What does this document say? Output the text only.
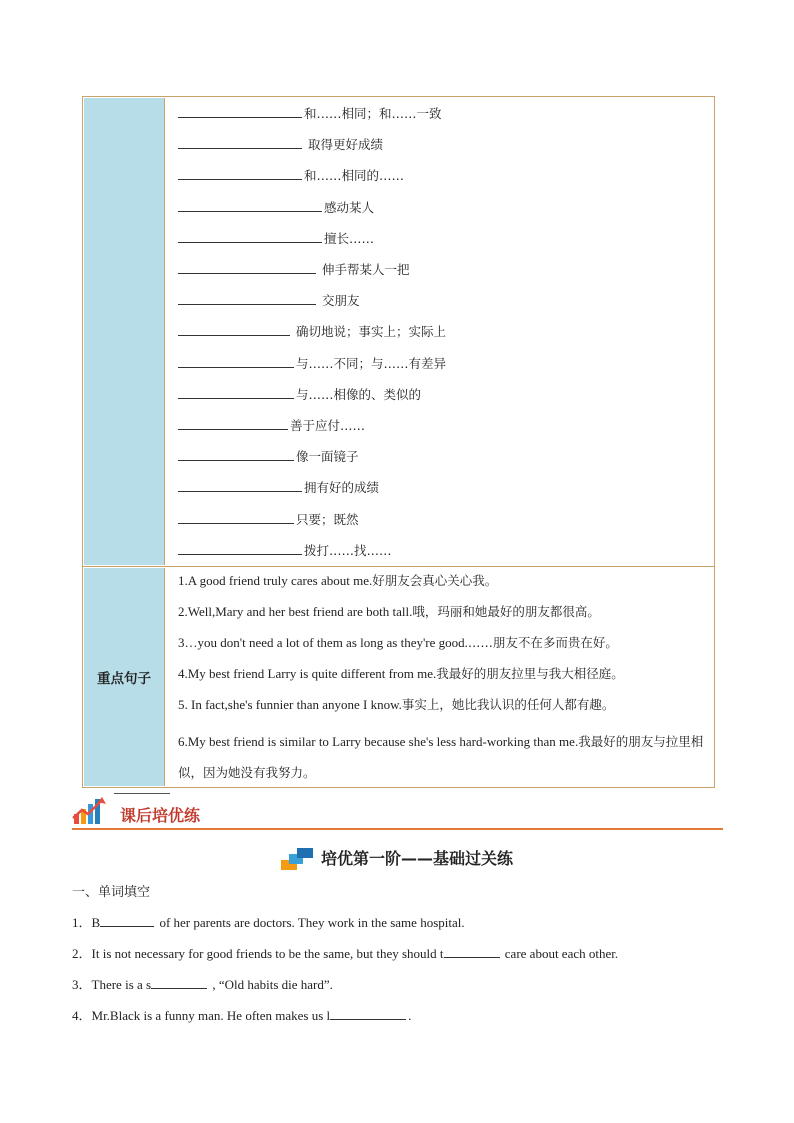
和……相同；和……一致
取得更好成绩
和……相同的……
感动某人
擅长……
伸手帮某人一把
交朋友
确切地说；事实上；实际上
与……不同；与……有差异
与……相像的、类似的
善于应付……
像一面镜子
拥有好的成绩
只要；既然
拨打……找……
重点句子
1.A good friend truly cares about me.好朋友会真心关心我。
2.Well,Mary and her best friend are both tall.哦，玛丽和她最好的朋友都很高。
3…you don't need a lot of them as long as they're good.……朋友不在多而贵在好。
4.My best friend Larry is quite different from me.我最好的朋友拉里与我大相径庭。
5. In fact,she's funnier than anyone I know.事实上，她比我认识的任何人都有趣。
6.My best friend is similar to Larry because she's less hard-working than me.我最好的朋友与拉里相似，因为她没有我努力。
课后培优练
培优第一阶——基础过关练
一、单词填空
1．B	of her parents are doctors. They work in the same hospital.
2．It is not necessary for good friends to be the same, but they should t	care about each other.
3．There is a s	, “Old habits die hard”.
4．Mr.Black is a funny man. He often makes us l	.
